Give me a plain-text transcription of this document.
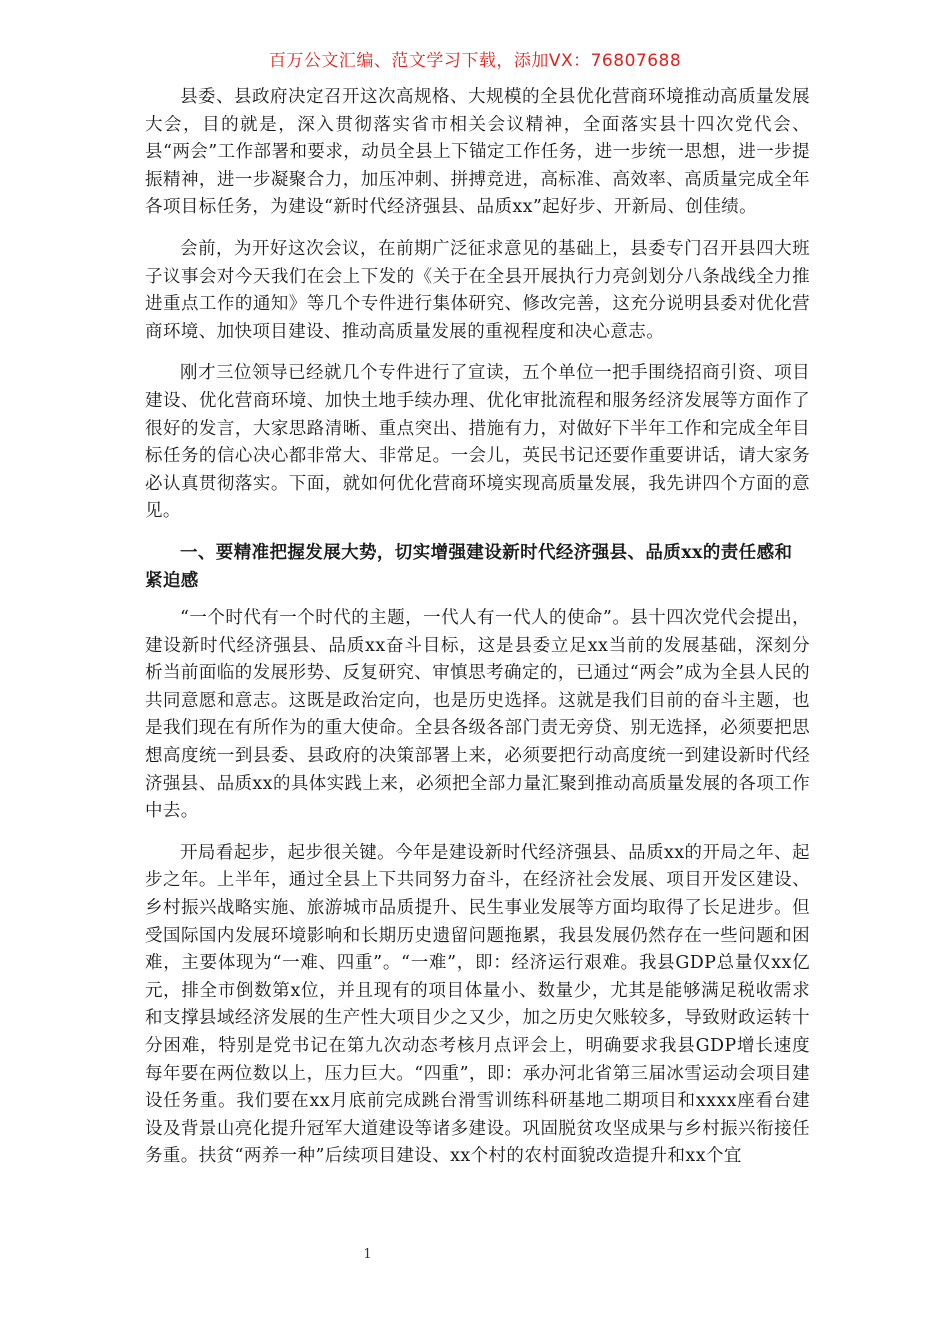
百万公文汇编、范文学习下载，添加VX：76807688

县委、县政府决定召开这次高规格、大规模的全县优化营商环境推动高质量发展大会，目的就是，深入贯彻落实省市相关会议精神，全面落实县十四次党代会、县“两会”工作部署和要求，动员全县上下锚定工作任务，进一步统一思想，进一步提振精神，进一步凝聚合力，加压冲刺、拼搏竞进，高标准、高效率、高质量完成全年各项目标任务，为建设“新时代经济强县、品质xx”起好步、开新局、创佳绩。

会前，为开好这次会议，在前期广泛征求意见的基础上，县委专门召开县四大班子议事会对今天我们在会上下发的《关于在全县开展执行力亮剑划分八条战线全力推进重点工作的通知》等几个专件进行集体研究、修改完善，这充分说明县委对优化营商环境、加快项目建设、推动高质量发展的重视程度和决心意志。

刚才三位领导已经就几个专件进行了宣读，五个单位一把手围绕招商引资、项目建设、优化营商环境、加快土地手续办理、优化审批流程和服务经济发展等方面作了很好的发言，大家思路清晰、重点突出、措施有力，对做好下半年工作和完成全年目标任务的信心决心都非常大、非常足。一会儿，英民书记还要作重要讲话，请大家务必认真贯彻落实。下面，就如何优化营商环境实现高质量发展，我先讲四个方面的意见。

一、要精准把握发展大势，切实增强建设新时代经济强县、品质xx的责任感和紧迫感

“一个时代有一个时代的主题，一代人有一代人的使命”。县十四次党代会提出，建设新时代经济强县、品质xx奋斗目标，这是县委立足xx当前的发展基础，深刻分析当前面临的发展形势、反复研究、审慎思考确定的，已通过“两会”成为全县人民的共同意愿和意志。这既是政治定向，也是历史选择。这就是我们目前的奋斗主题，也是我们现在有所作为的重大使命。全县各级各部门责无旁贷、别无选择，必须要把思想高度统一到县委、县政府的决策部署上来，必须要把行动高度统一到建设新时代经济强县、品质xx的具体实践上来，必须把全部力量汇聚到推动高质量发展的各项工作中去。

开局看起步，起步很关键。今年是建设新时代经济强县、品质xx的开局之年、起步之年。上半年，通过全县上下共同努力奋斗，在经济社会发展、项目开发区建设、乡村振兴战略实施、旅游城市品质提升、民生事业发展等方面均取得了长足进步。但受国际国内发展环境影响和长期历史遗留问题拖累，我县发展仍然存在一些问题和困难，主要体现为“一难、四重”。“一难”，即：经济运行艰难。我县GDP总量仅xx亿元，排全市倒数第x位，并且现有的项目体量小、数量少，尤其是能够满足税收需求和支撑县域经济发展的生产性大项目少之又少，加之历史欠账较多，导致财政运转十分困难，特别是党书记在第九次动态考核月点评会上，明确要求我县GDP增长速度每年要在两位数以上，压力巨大。“四重”，即：承办河北省第三届冰雪运动会项目建设任务重。我们要在xx月底前完成跳台滑雪训练科研基地二期项目和xxxx座看台建设及背景山亮化提升冠军大道建设等诸多建设。巩固脱贫攻坚成果与乡村振兴衔接任务重。扶贫“两养一种”后续项目建设、xx个村的农村面貌改造提升和xx个宜

1
